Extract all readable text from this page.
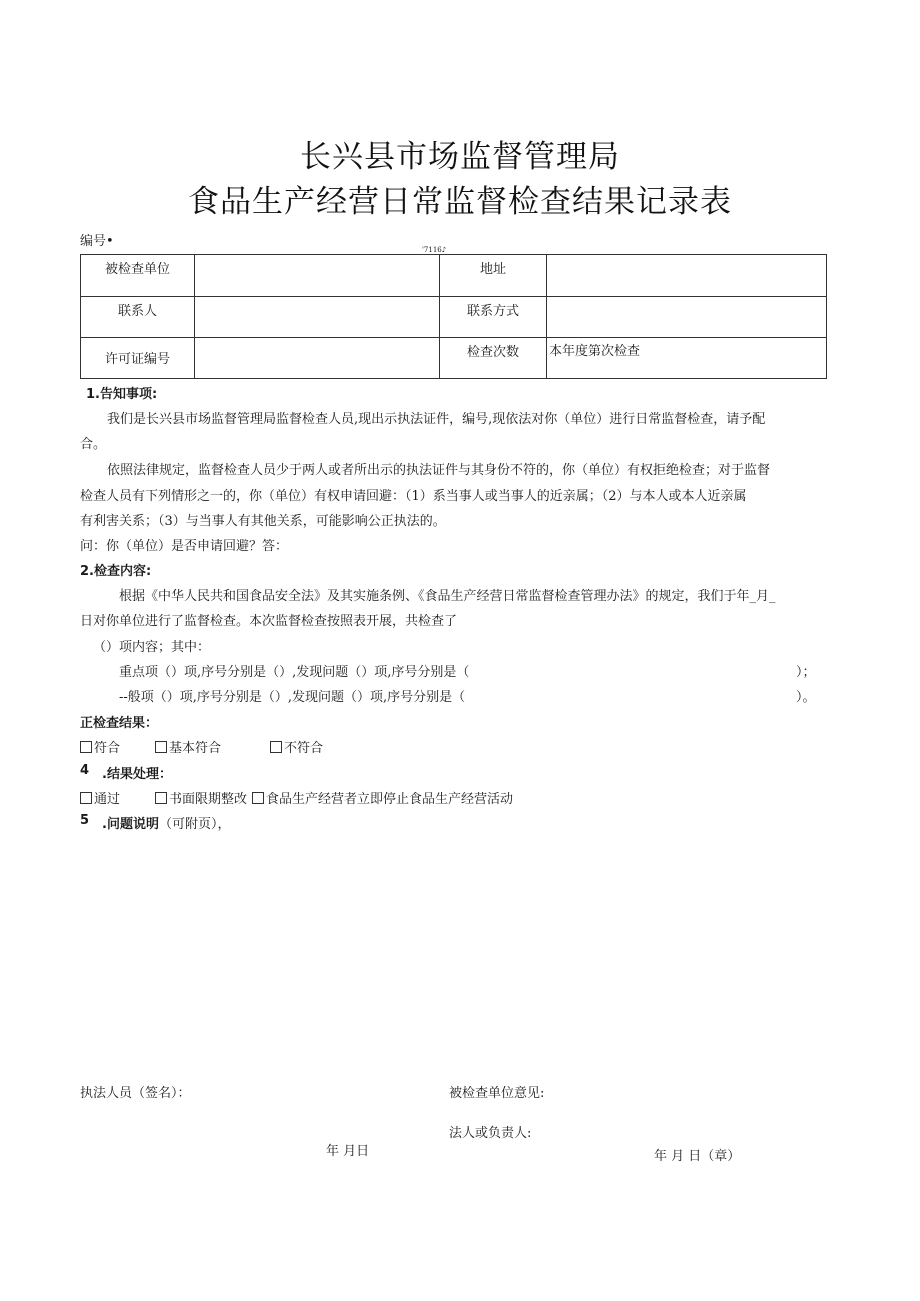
长兴县市场监督管理局
食品生产经营日常监督检查结果记录表
编号•
'7116♪
被检查单位		地址	
联系人		联系方式	
许可证编号		检查次数	本年度第次检查
1.告知事项:
我们是长兴县市场监督管理局监督检查人员,现出示执法证件，编号,现依法对你（单位）进行日常监督检查，请予配
合。
依照法律规定，监督检查人员少于两人或者所出示的执法证件与其身份不符的，你（单位）有权拒绝检查；对于监督
检查人员有下列情形之一的，你（单位）有权申请回避：（1）系当事人或当事人的近亲属；（2）与本人或本人近亲属
有利害关系；（3）与当事人有其他关系，可能影响公正执法的。
问：你（单位）是否申请回避？答：
2.检查内容:
根据《中华人民共和国食品安全法》及其实施条例、《食品生产经营日常监督检查管理办法》的规定，我们于年_月_
日对你单位进行了监督检查。本次监督检查按照表开展，共检查了
（）项内容；其中：
重点项（）项,序号分别是（）,发现问题（）项,序号分别是（	）；
--般项（）项,序号分别是（）,发现问题（）项,序号分别是（	）。
正检查结果：
符合	基本符合	不符合
4 .结果处理：
通过	书面限期整改	食品生产经营者立即停止食品生产经营活动
5 .问题说明（可附页），
执法人员（签名）：	被检查单位意见:
法人或负责人:
年 月日	年 月 日（章）
